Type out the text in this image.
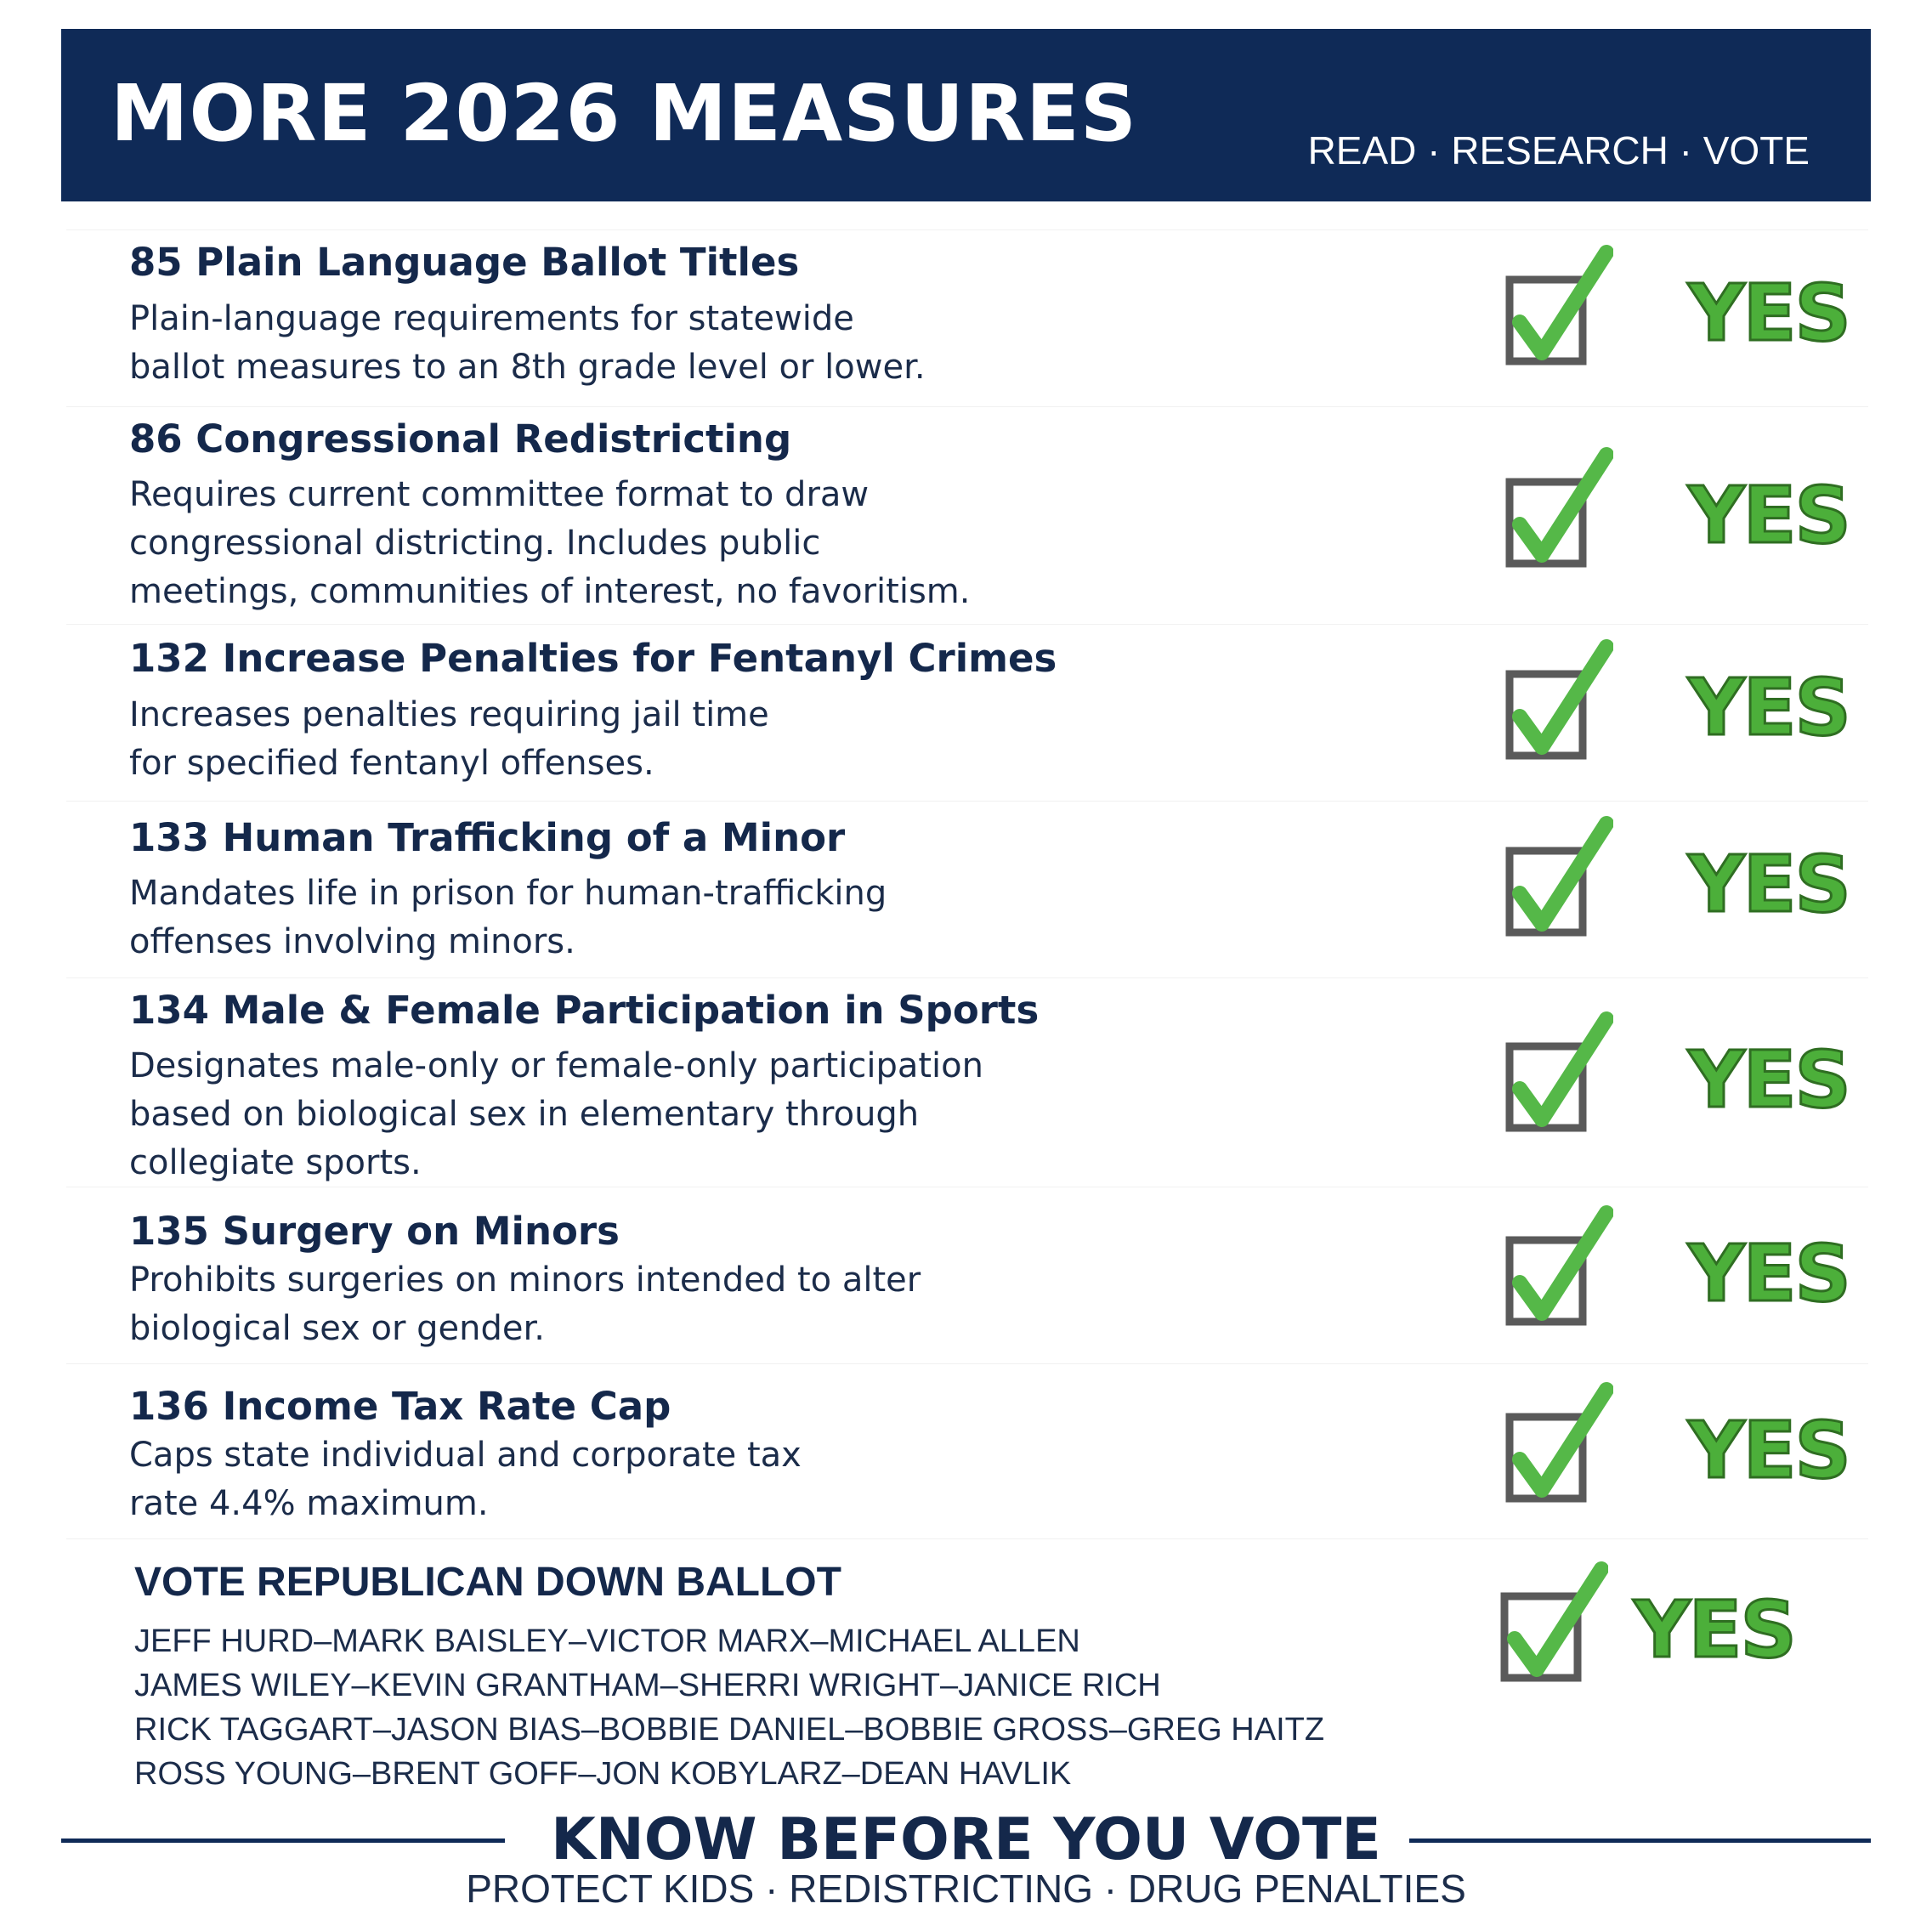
MORE 2026 MEASURES	READ · RESEARCH · VOTE
85 Plain Language Ballot Titles
Plain-language requirements for statewide
ballot measures to an 8th grade level or lower.
YES
86 Congressional Redistricting
Requires current committee format to draw
congressional districting. Includes public
meetings, communities of interest, no favoritism.
YES
132 Increase Penalties for Fentanyl Crimes
Increases penalties requiring jail time
for specified fentanyl offenses.
YES
133 Human Trafficking of a Minor
Mandates life in prison for human-trafficking
offenses involving minors.
YES
134 Male & Female Participation in Sports
Designates male-only or female-only participation
based on biological sex in elementary through
collegiate sports.
YES
135 Surgery on Minors
Prohibits surgeries on minors intended to alter
biological sex or gender.
YES
136 Income Tax Rate Cap
Caps state individual and corporate tax
rate 4.4% maximum.
YES
VOTE REPUBLICAN DOWN BALLOT
JEFF HURD–MARK BAISLEY–VICTOR MARX–MICHAEL ALLEN
JAMES WILEY–KEVIN GRANTHAM–SHERRI WRIGHT–JANICE RICH
RICK TAGGART–JASON BIAS–BOBBIE DANIEL–BOBBIE GROSS–GREG HAITZ
ROSS YOUNG–BRENT GOFF–JON KOBYLARZ–DEAN HAVLIK
YES
KNOW BEFORE YOU VOTE
PROTECT KIDS · REDISTRICTING · DRUG PENALTIES
